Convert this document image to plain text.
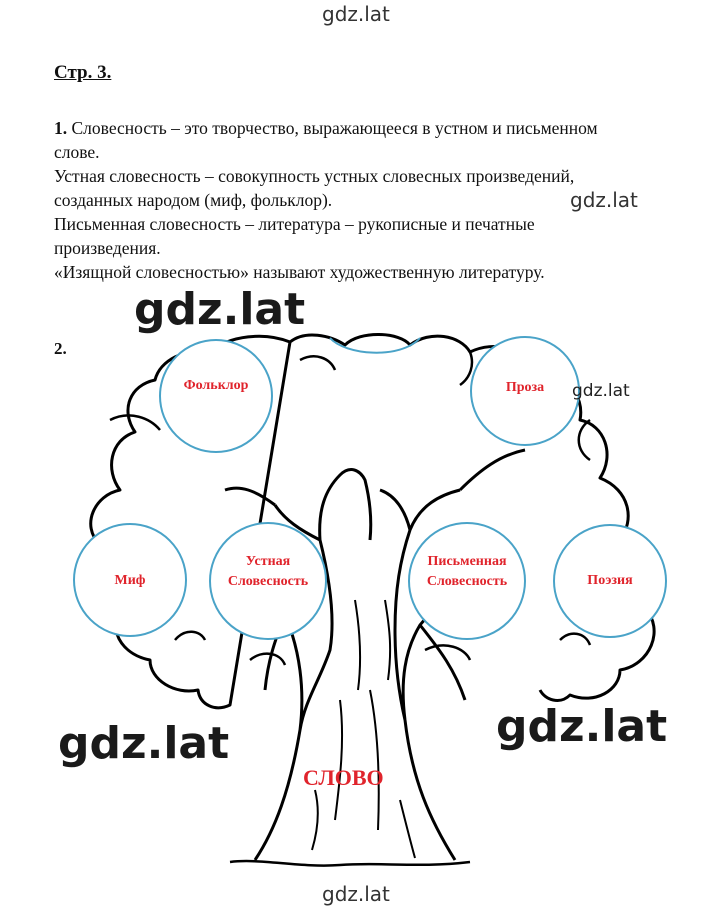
gdz.lat
Стр. 3.

1. Словесность – это творчество, выражающееся в устном и письменном

слове.

Устная словесность – совокупность устных словесных произведений,

созданных народом (миф, фольклор).

Письменная словесность – литература – рукописные и печатные

произведения.

«Изящной словесностью» называют художественную литературу.

gdz.lat
gdz.lat
2.
Фольклор	Проза
Миф
Устная
Словесность
Письменная
Словесность	Поэзия
gdz.lat
gdz.lat	gdz.lat
СЛОВО
gdz.lat
